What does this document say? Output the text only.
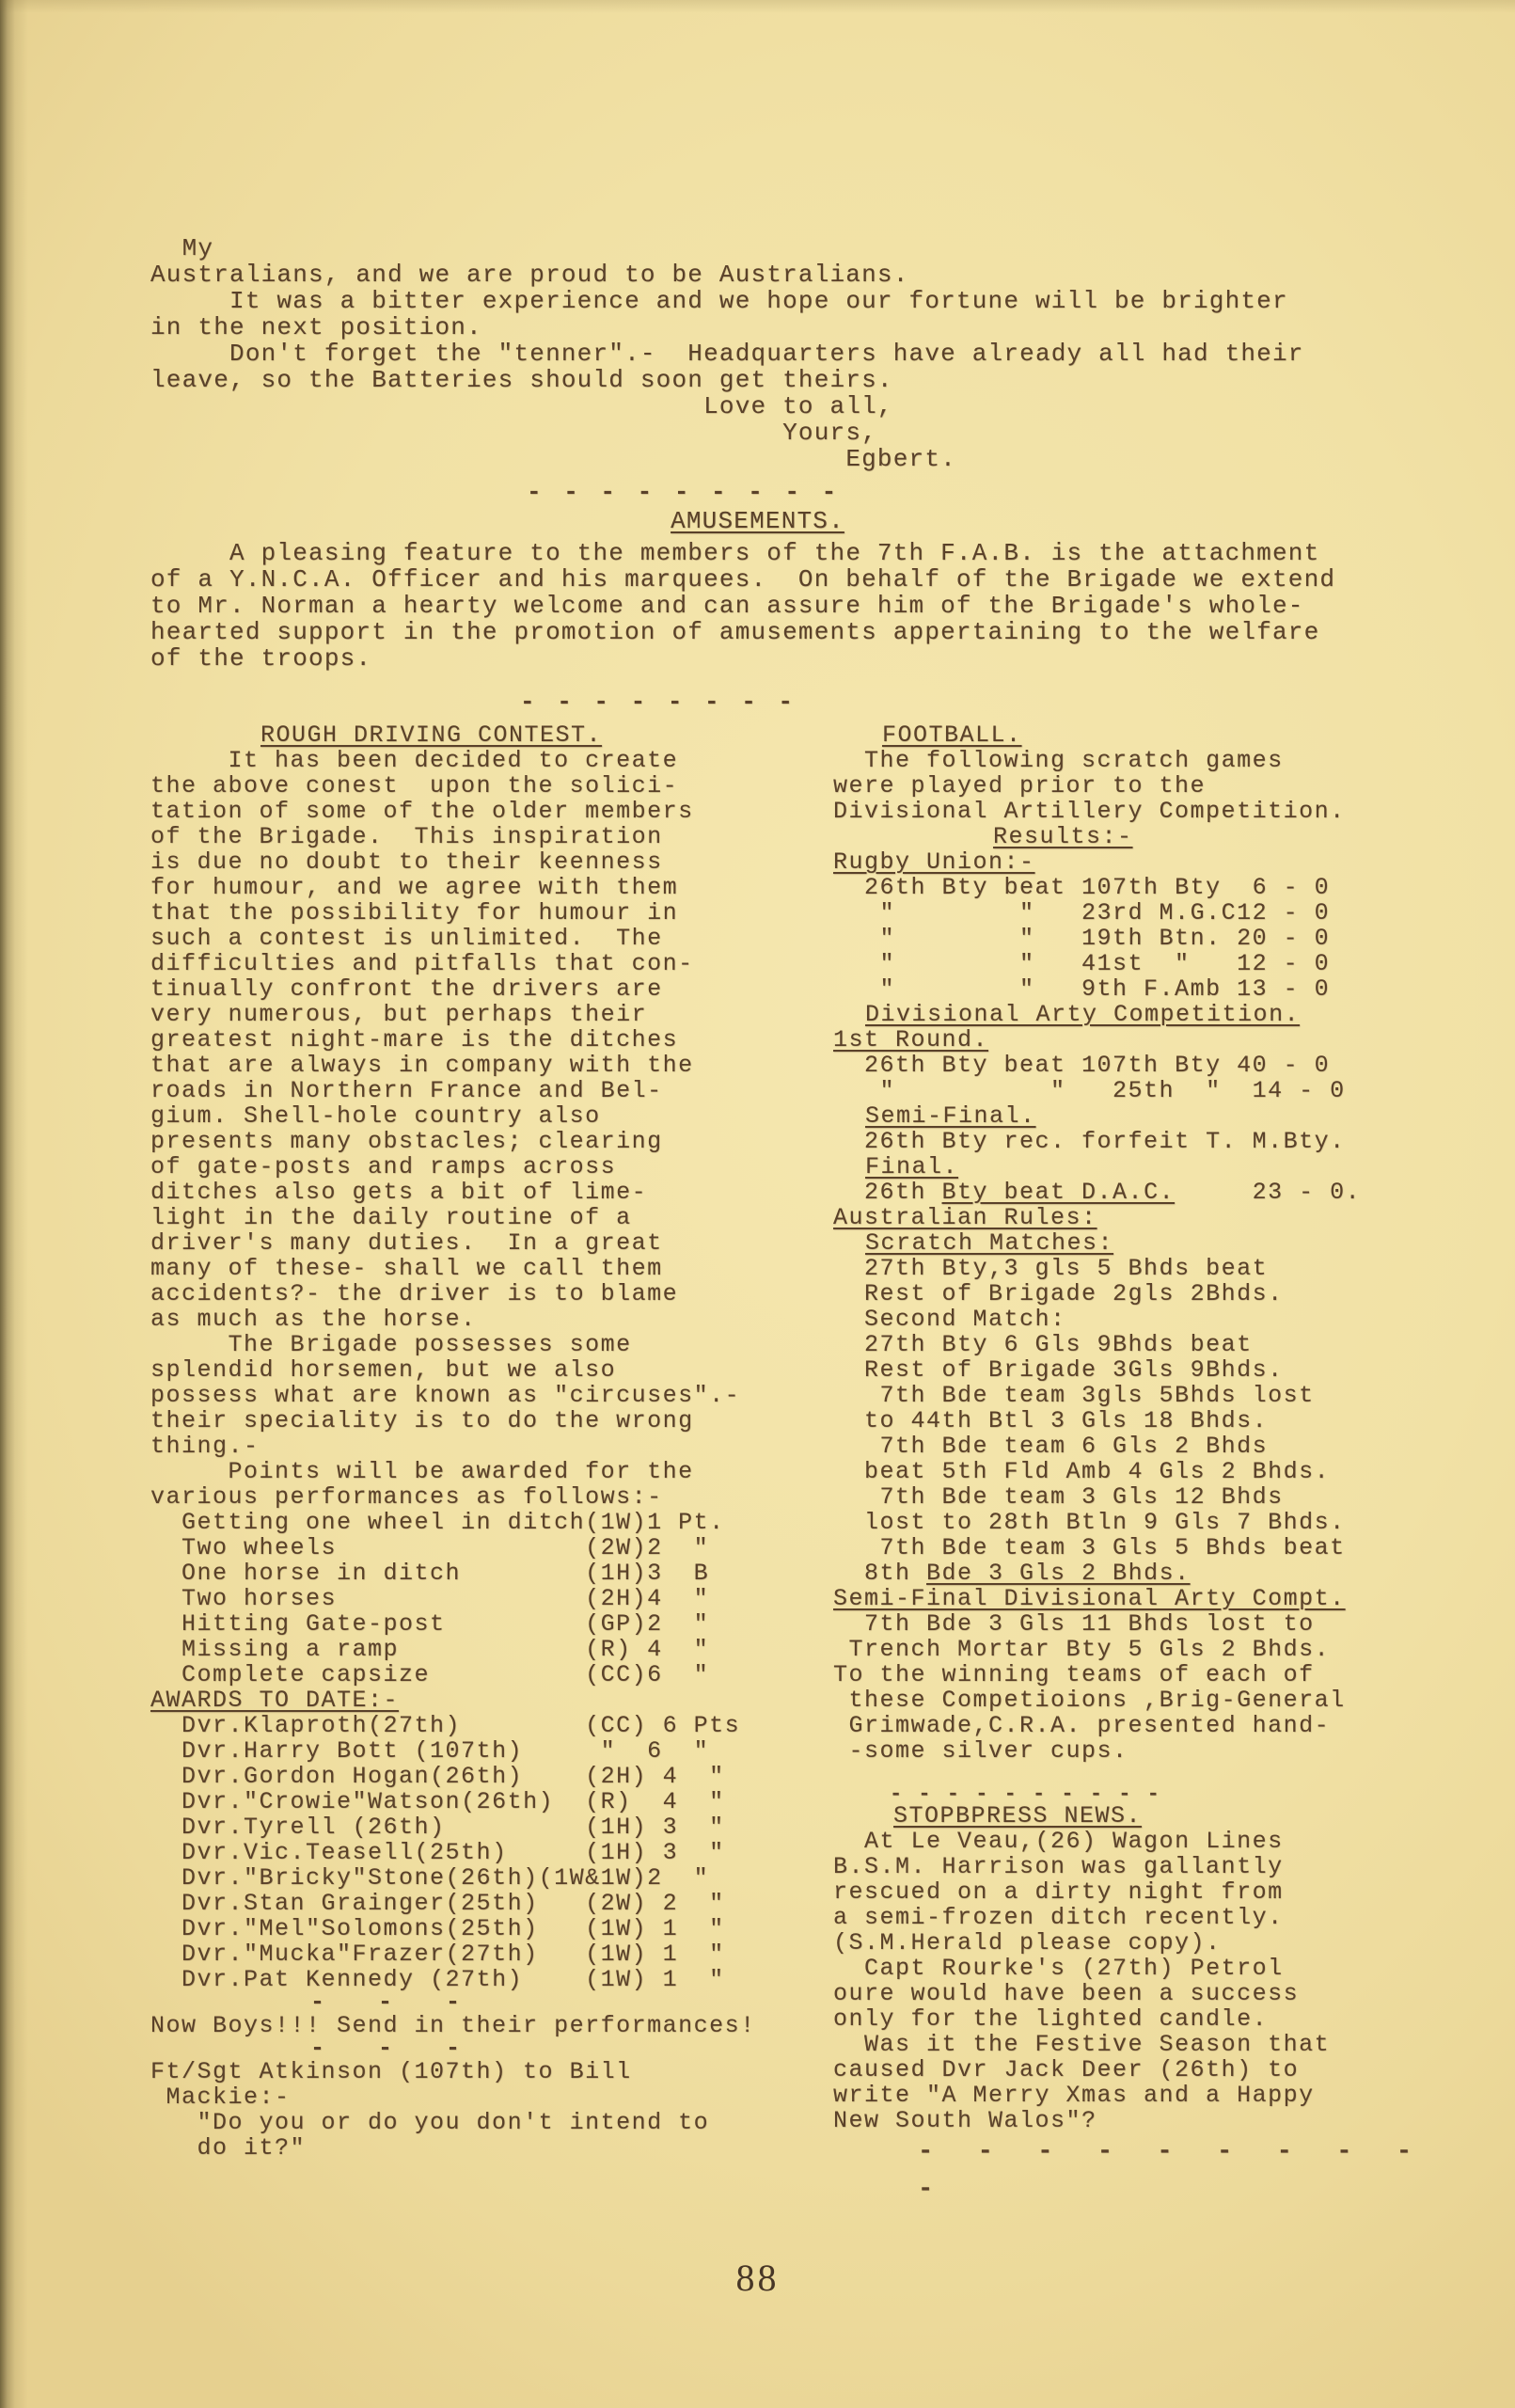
My
Australians, and we are proud to be Australians.
It was a bitter experience and we hope our fortune will be brighter
in the next position.
Don't forget the "tenner".-  Headquarters have already all had their
leave, so the Batteries should soon get theirs.
Love to all,
Yours,
Egbert.
- - - - - - - - -
AMUSEMENTS.
A pleasing feature to the members of the 7th F.A.B. is the attachment
of a Y.N.C.A. Officer and his marquees.  On behalf of the Brigade we extend
to Mr. Norman a hearty welcome and can assure him of the Brigade's whole-
hearted support in the promotion of amusements appertaining to the welfare
of the troops.
- - - - - - - -
ROUGH DRIVING CONTEST.
It has been decided to create
the above conest  upon the solici-
tation of some of the older members
of the Brigade.  This inspiration
is due no doubt to their keenness
for humour, and we agree with them
that the possibility for humour in
such a contest is unlimited.  The
difficulties and pitfalls that con-
tinually confront the drivers are
very numerous, but perhaps their
greatest night-mare is the ditches
that are always in company with the
roads in Northern France and Bel-
gium. Shell-hole country also
presents many obstacles; clearing
of gate-posts and ramps across
ditches also gets a bit of lime-
light in the daily routine of a
driver's many duties.  In a great
many of these- shall we call them
accidents?- the driver is to blame
as much as the horse.
The Brigade possesses some
splendid horsemen, but we also
possess what are known as "circuses".-
their speciality is to do the wrong
thing.-
Points will be awarded for the
various performances as follows:-
Getting one wheel in ditch(1W)1 Pt.
Two wheels                (2W)2  "
One horse in ditch        (1H)3  B
Two horses                (2H)4  "
Hitting Gate-post         (GP)2  "
Missing a ramp            (R) 4  "
Complete capsize          (CC)6  "
AWARDS TO DATE:-
Dvr.Klaproth(27th)        (CC) 6 Pts
Dvr.Harry Bott (107th)     "  6  "
Dvr.Gordon Hogan(26th)    (2H) 4  "
Dvr."Crowie"Watson(26th)  (R)  4  "
Dvr.Tyrell (26th)         (1H) 3  "
Dvr.Vic.Teasell(25th)     (1H) 3  "
Dvr."Bricky"Stone(26th)(1W&1W)2  "
Dvr.Stan Grainger(25th)   (2W) 2  "
Dvr."Mel"Solomons(25th)   (1W) 1  "
Dvr."Mucka"Frazer(27th)   (1W) 1  "
Dvr.Pat Kennedy (27th)    (1W) 1  "
-   -   -
Now Boys!!! Send in their performances!
-   -   -
Ft/Sgt Atkinson (107th) to Bill
Mackie:-
"Do you or do you don't intend to
do it?"
FOOTBALL.
The following scratch games
were played prior to the
Divisional Artillery Competition.
Results:-
Rugby Union:-
26th Bty beat 107th Bty  6 - 0
"        "   23rd M.G.C12 - 0
"        "   19th Btn. 20 - 0
"        "   41st  "   12 - 0
"        "   9th F.Amb 13 - 0
Divisional Arty Competition.
1st Round.
26th Bty beat 107th Bty 40 - 0
"          "   25th  "  14 - 0
Semi-Final.
26th Bty rec. forfeit T. M.Bty.
Final.
26th Bty beat D.A.C.     23 - 0.
Australian Rules:
Scratch Matches:
27th Bty,3 gls 5 Bhds beat
Rest of Brigade 2gls 2Bhds.
Second Match:
27th Bty 6 Gls 9Bhds beat
Rest of Brigade 3Gls 9Bhds.
7th Bde team 3gls 5Bhds lost
to 44th Btl 3 Gls 18 Bhds.
7th Bde team 6 Gls 2 Bhds
beat 5th Fld Amb 4 Gls 2 Bhds.
7th Bde team 3 Gls 12 Bhds
lost to 28th Btln 9 Gls 7 Bhds.
7th Bde team 3 Gls 5 Bhds beat
8th Bde 3 Gls 2 Bhds.
Semi-Final Divisional Arty Compt.
7th Bde 3 Gls 11 Bhds lost to
Trench Mortar Bty 5 Gls 2 Bhds.
To the winning teams of each of
these Competioions ,Brig-General
Grimwade,C.R.A. presented hand-
-some silver cups.
- - - - - - - - - -
STOPBPRESS NEWS.
At Le Veau,(26) Wagon Lines
B.S.M. Harrison was gallantly
rescued on a dirty night from
a semi-frozen ditch recently.
(S.M.Herald please copy).
Capt Rourke's (27th) Petrol
oure would have been a success
only for the lighted candle.
Was it the Festive Season that
caused Dvr Jack Deer (26th) to
write "A Merry Xmas and a Happy
New South Walos"?
-  -  -  -  -  -  -  -  -  -
88
